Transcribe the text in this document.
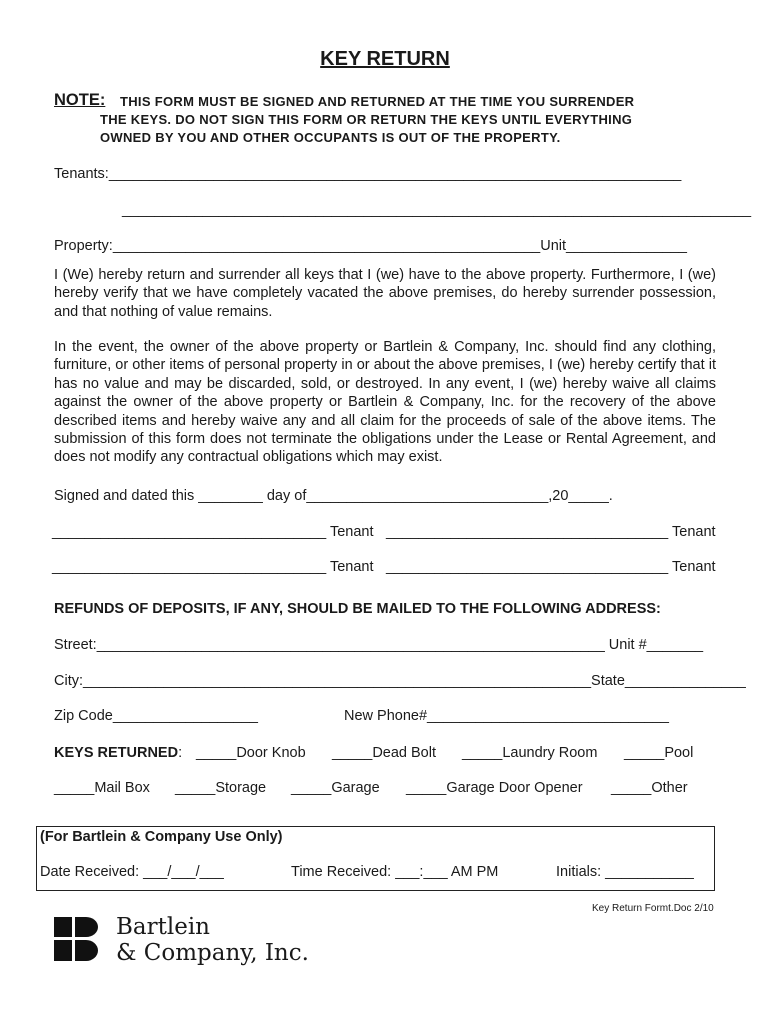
KEY RETURN
NOTE: THIS FORM MUST BE SIGNED AND RETURNED AT THE TIME YOU SURRENDER
THE KEYS. DO NOT SIGN THIS FORM OR RETURN THE KEYS UNTIL EVERYTHING
OWNED BY YOU AND OTHER OCCUPANTS IS OUT OF THE PROPERTY.
Tenants:_______________________________________________________________________
______________________________________________________________________________
Property:_____________________________________________________Unit_______________
I (We) hereby return and surrender all keys that I (we) have to the above property. Furthermore, I (we) hereby verify that we have completely vacated the above premises, do hereby surrender possession, and that nothing of value remains.
In the event, the owner of the above property or Bartlein & Company, Inc. should find any clothing, furniture, or other items of personal property in or about the above premises, I (we) hereby certify that it has no value and may be discarded, sold, or destroyed. In any event, I (we) hereby waive all claims against the owner of the above property or Bartlein & Company, Inc. for the recovery of the above described items and hereby waive any and all claim for the proceeds of sale of the above items. The submission of this form does not terminate the obligations under the Lease or Rental Agreement, and does not modify any contractual obligations which may exist.
Signed and dated this ________ day of______________________________,20_____.
__________________________________ Tenant ___________________________________ Tenant
__________________________________ Tenant ___________________________________ Tenant
REFUNDS OF DEPOSITS, IF ANY, SHOULD BE MAILED TO THE FOLLOWING ADDRESS:
Street:_______________________________________________________________ Unit #_______
City:_______________________________________________________________State_______________
Zip Code__________________	New Phone#______________________________
KEYS RETURNED: _____Door Knob _____Dead Bolt _____Laundry Room _____Pool
_____Mail Box _____Storage _____Garage _____Garage Door Opener _____Other
(For Bartlein & Company Use Only)
Date Received: ___/___/___	Time Received: ___:___ AM PM	Initials: ___________
Key Return Formt.Doc 2/10
Bartlein
& Company, Inc.
